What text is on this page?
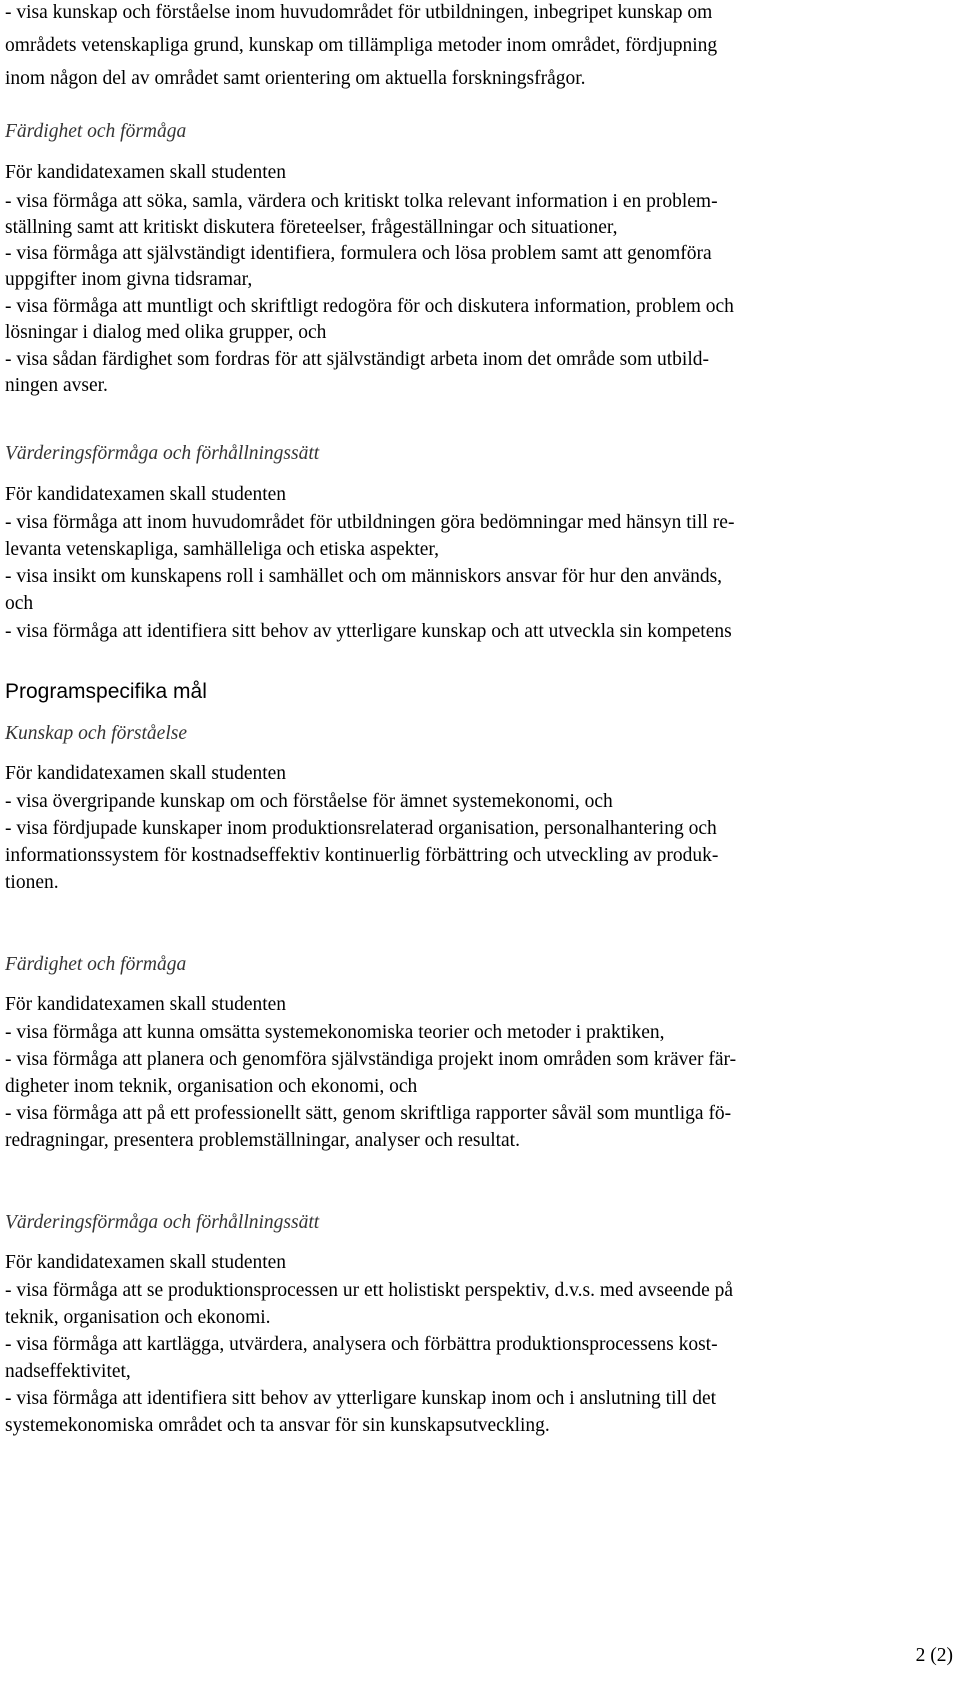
- visa kunskap och förståelse inom huvudområdet för utbildningen, inbegripet kunskap om
områdets vetenskapliga grund, kunskap om tillämpliga metoder inom området, fördjupning
inom någon del av området samt orientering om aktuella forskningsfrågor.
Färdighet och förmåga
För kandidatexamen skall studenten
- visa förmåga att söka, samla, värdera och kritiskt tolka relevant information i en problem-
ställning samt att kritiskt diskutera företeelser, frågeställningar och situationer,
- visa förmåga att självständigt identifiera, formulera och lösa problem samt att genomföra
uppgifter inom givna tidsramar,
- visa förmåga att muntligt och skriftligt redogöra för och diskutera information, problem och
lösningar i dialog med olika grupper, och
- visa sådan färdighet som fordras för att självständigt arbeta inom det område som utbild-
ningen avser.
Värderingsförmåga och förhållningssätt
För kandidatexamen skall studenten
- visa förmåga att inom huvudområdet för utbildningen göra bedömningar med hänsyn till re-
levanta vetenskapliga, samhälleliga och etiska aspekter,
- visa insikt om kunskapens roll i samhället och om människors ansvar för hur den används,
och
- visa förmåga att identifiera sitt behov av ytterligare kunskap och att utveckla sin kompetens
Programspecifika mål
Kunskap och förståelse
För kandidatexamen skall studenten
- visa övergripande kunskap om och förståelse för ämnet systemekonomi, och
- visa fördjupade kunskaper inom produktionsrelaterad organisation, personalhantering och
informationssystem för kostnadseffektiv kontinuerlig förbättring och utveckling av produk-
tionen.
Färdighet och förmåga
För kandidatexamen skall studenten
- visa förmåga att kunna omsätta systemekonomiska teorier och metoder i praktiken,
- visa förmåga att planera och genomföra självständiga projekt inom områden som kräver fär-
digheter inom teknik, organisation och ekonomi, och
- visa förmåga att på ett professionellt sätt, genom skriftliga rapporter såväl som muntliga fö-
redragningar, presentera problemställningar, analyser och resultat.
Värderingsförmåga och förhållningssätt
För kandidatexamen skall studenten
- visa förmåga att se produktionsprocessen ur ett holistiskt perspektiv, d.v.s. med avseende på
teknik, organisation och ekonomi.
- visa förmåga att kartlägga, utvärdera, analysera och förbättra produktionsprocessens kost-
nadseffektivitet,
- visa förmåga att identifiera sitt behov av ytterligare kunskap inom och i anslutning till det
systemekonomiska området och ta ansvar för sin kunskapsutveckling.
2 (2)
